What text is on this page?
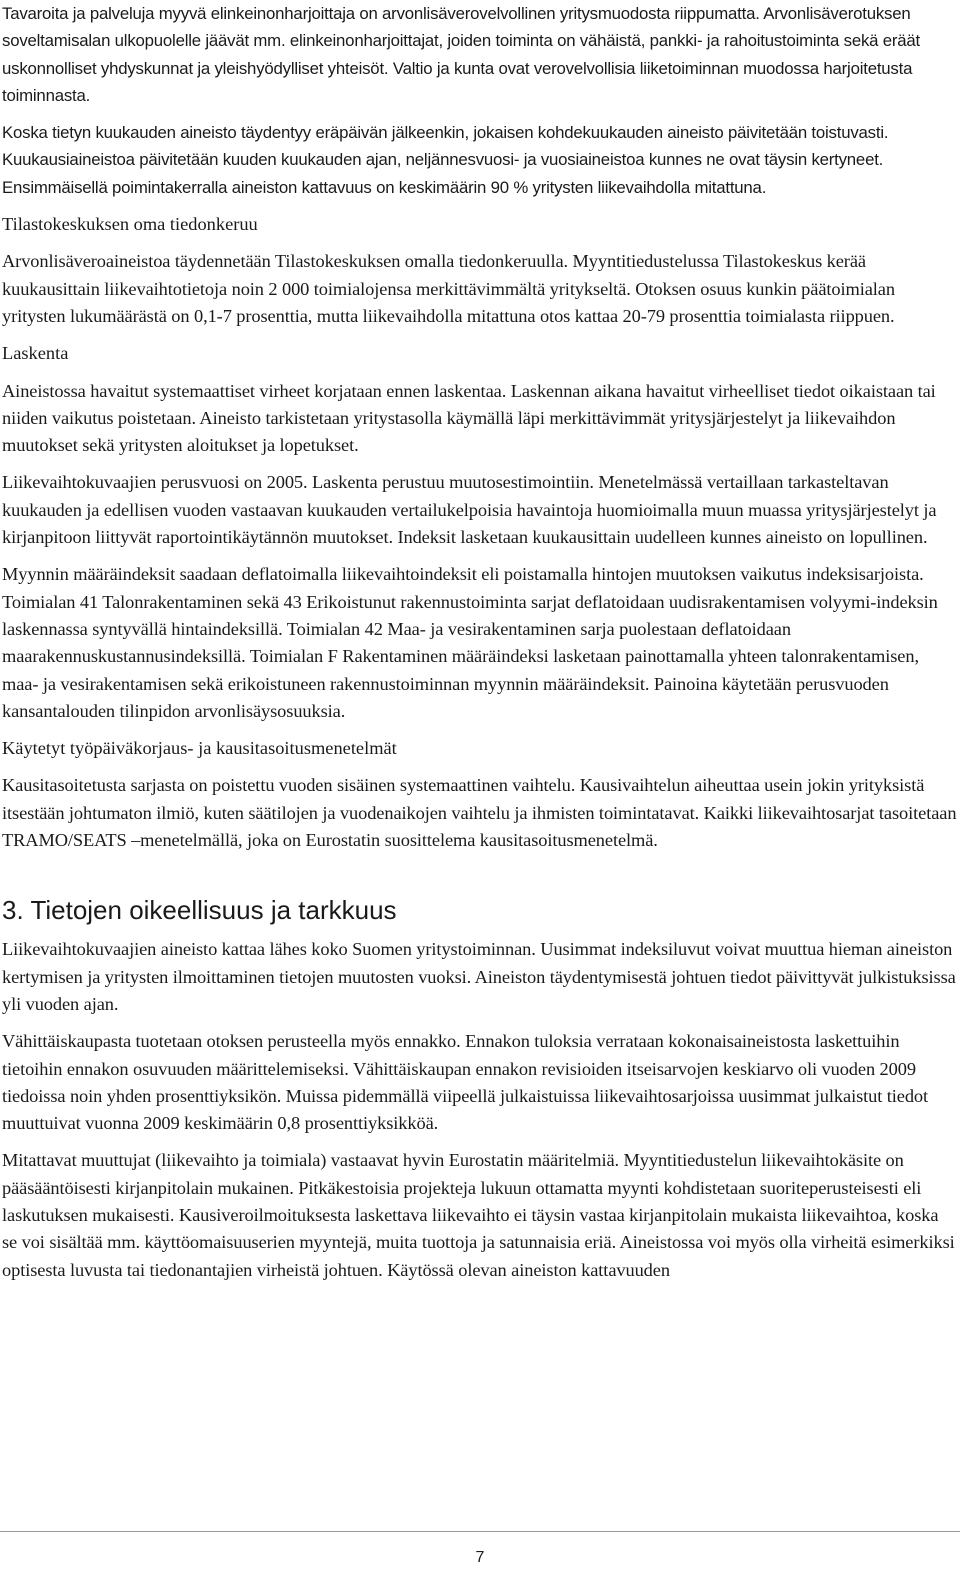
Tavaroita ja palveluja myyvä elinkeinonharjoittaja on arvonlisäverovelvollinen yritysmuodosta riippumatta. Arvonlisäverotuksen soveltamisalan ulkopuolelle jäävät mm. elinkeinonharjoittajat, joiden toiminta on vähäistä, pankki- ja rahoitustoiminta sekä eräät uskonnolliset yhdyskunnat ja yleishyödylliset yhteisöt. Valtio ja kunta ovat verovelvollisia liiketoiminnan muodossa harjoitetusta toiminnasta.

Koska tietyn kuukauden aineisto täydentyy eräpäivän jälkeenkin, jokaisen kohdekuukauden aineisto päivitetään toistuvasti. Kuukausiaineistoa päivitetään kuuden kuukauden ajan, neljännesvuosi- ja vuosiaineistoa kunnes ne ovat täysin kertyneet. Ensimmäisellä poimintakerralla aineiston kattavuus on keskimäärin 90 % yritysten liikevaihdolla mitattuna.

Tilastokeskuksen oma tiedonkeruu

Arvonlisäveroaineistoa täydennetään Tilastokeskuksen omalla tiedonkeruulla. Myyntitiedustelussa Tilastokeskus kerää kuukausittain liikevaihtotietoja noin 2 000 toimialojensa merkittävimmältä yritykseltä. Otoksen osuus kunkin päätoimialan yritysten lukumäärästä on 0,1-7 prosenttia, mutta liikevaihdolla mitattuna otos kattaa 20-79 prosenttia toimialasta riippuen.

Laskenta

Aineistossa havaitut systemaattiset virheet korjataan ennen laskentaa. Laskennan aikana havaitut virheelliset tiedot oikaistaan tai niiden vaikutus poistetaan. Aineisto tarkistetaan yritystasolla käymällä läpi merkittävimmät yritysjärjestelyt ja liikevaihdon muutokset sekä yritysten aloitukset ja lopetukset.

Liikevaihtokuvaajien perusvuosi on 2005. Laskenta perustuu muutosestimointiin. Menetelmässä vertaillaan tarkasteltavan kuukauden ja edellisen vuoden vastaavan kuukauden vertailukelpoisia havaintoja huomioimalla muun muassa yritysjärjestelyt ja kirjanpitoon liittyvät raportointikäytännön muutokset. Indeksit lasketaan kuukausittain uudelleen kunnes aineisto on lopullinen.

Myynnin määräindeksit saadaan deflatoimalla liikevaihtoindeksit eli poistamalla hintojen muutoksen vaikutus indeksisarjoista. Toimialan 41 Talonrakentaminen sekä 43 Erikoistunut rakennustoiminta sarjat deflatoidaan uudisrakentamisen volyymi-indeksin laskennassa syntyvällä hintaindeksillä. Toimialan 42 Maa- ja vesirakentaminen sarja puolestaan deflatoidaan maarakennuskustannusindeksillä. Toimialan F Rakentaminen määräindeksi lasketaan painottamalla yhteen talonrakentamisen, maa- ja vesirakentamisen sekä erikoistuneen rakennustoiminnan myynnin määräindeksit. Painoina käytetään perusvuoden kansantalouden tilinpidon arvonlisäysosuuksia.

Käytetyt työpäiväkorjaus- ja kausitasoitusmenetelmät

Kausitasoitetusta sarjasta on poistettu vuoden sisäinen systemaattinen vaihtelu. Kausivaihtelun aiheuttaa usein jokin yrityksistä itsestään johtumaton ilmiö, kuten säätilojen ja vuodenaikojen vaihtelu ja ihmisten toimintatavat. Kaikki liikevaihtosarjat tasoitetaan TRAMO/SEATS –menetelmällä, joka on Eurostatin suosittelema kausitasoitusmenetelmä.

3. Tietojen oikeellisuus ja tarkkuus

Liikevaihtokuvaajien aineisto kattaa lähes koko Suomen yritystoiminnan. Uusimmat indeksiluvut voivat muuttua hieman aineiston kertymisen ja yritysten ilmoittaminen tietojen muutosten vuoksi. Aineiston täydentymisestä johtuen tiedot päivittyvät julkistuksissa yli vuoden ajan.

Vähittäiskaupasta tuotetaan otoksen perusteella myös ennakko. Ennakon tuloksia verrataan kokonaisaineistosta laskettuihin tietoihin ennakon osuvuuden määrittelemiseksi. Vähittäiskaupan ennakon revisioiden itseisarvojen keskiarvo oli vuoden 2009 tiedoissa noin yhden prosenttiyksikön. Muissa pidemmällä viipeellä julkaistuissa liikevaihtosarjoissa uusimmat julkaistut tiedot muuttuivat vuonna 2009 keskimäärin 0,8 prosenttiyksikköä.

Mitattavat muuttujat (liikevaihto ja toimiala) vastaavat hyvin Eurostatin määritelmiä. Myyntitiedustelun liikevaihtokäsite on pääsääntöisesti kirjanpitolain mukainen. Pitkäkestoisia projekteja lukuun ottamatta myynti kohdistetaan suoriteperusteisesti eli laskutuksen mukaisesti. Kausiveroilmoituksesta laskettava liikevaihto ei täysin vastaa kirjanpitolain mukaista liikevaihtoa, koska se voi sisältää mm. käyttöomaisuuserien myyntejä, muita tuottoja ja satunnaisia eriä. Aineistossa voi myös olla virheitä esimerkiksi optisesta luvusta tai tiedonantajien virheistä johtuen. Käytössä olevan aineiston kattavuuden

7
